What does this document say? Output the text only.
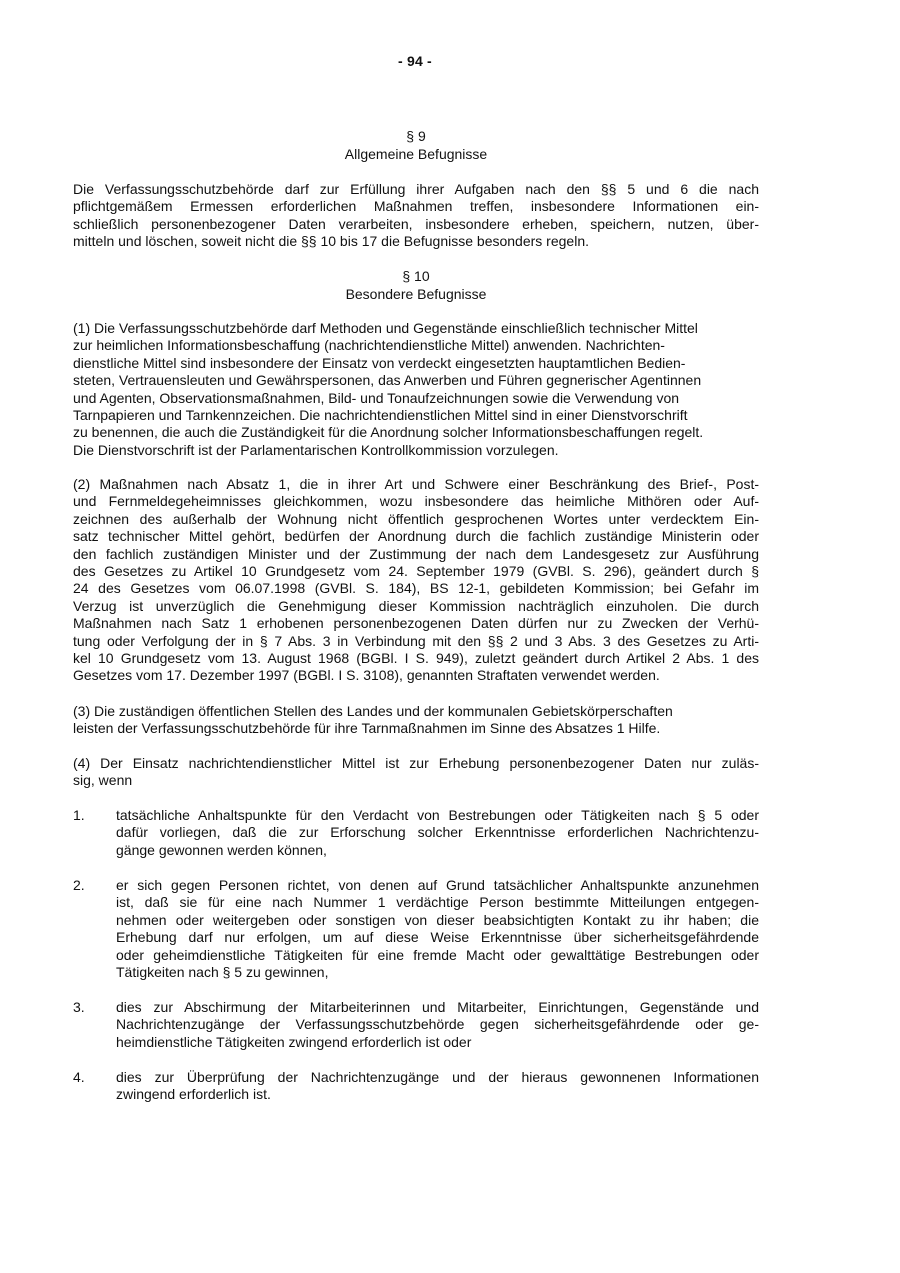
- 94 -
§ 9
Allgemeine Befugnisse
Die Verfassungsschutzbehörde darf zur Erfüllung ihrer Aufgaben nach den §§ 5 und 6 die nach
pflichtgemäßem Ermessen erforderlichen Maßnahmen treffen, insbesondere Informationen ein-
schließlich personenbezogener Daten verarbeiten, insbesondere erheben, speichern, nutzen, über-
mitteln und löschen, soweit nicht die §§ 10 bis 17 die Befugnisse besonders regeln.
§ 10
Besondere Befugnisse
(1) Die Verfassungsschutzbehörde darf Methoden und Gegenstände einschließlich technischer Mittel
zur heimlichen Informationsbeschaffung (nachrichtendienstliche Mittel) anwenden. Nachrichten-
dienstliche Mittel sind insbesondere der Einsatz von verdeckt eingesetzten hauptamtlichen Bedien-
steten, Vertrauensleuten und Gewährspersonen, das Anwerben und Führen gegnerischer Agentinnen
und Agenten, Observationsmaßnahmen, Bild- und Tonaufzeichnungen sowie die Verwendung von
Tarnpapieren und Tarnkennzeichen. Die nachrichtendienstlichen Mittel sind in einer Dienstvorschrift
zu benennen, die auch die Zuständigkeit für die Anordnung solcher Informationsbeschaffungen regelt.
Die Dienstvorschrift ist der Parlamentarischen Kontrollkommission vorzulegen.
(2) Maßnahmen nach Absatz 1, die in ihrer Art und Schwere einer Beschränkung des Brief-, Post-
und Fernmeldegeheimnisses gleichkommen, wozu insbesondere das heimliche Mithören oder Auf-
zeichnen des außerhalb der Wohnung nicht öffentlich gesprochenen Wortes unter verdecktem Ein-
satz technischer Mittel gehört, bedürfen der Anordnung durch die fachlich zuständige Ministerin oder
den fachlich zuständigen Minister und der Zustimmung der nach dem Landesgesetz zur Ausführung
des Gesetzes zu Artikel 10 Grundgesetz vom 24. September 1979 (GVBl. S. 296), geändert durch §
24 des Gesetzes vom 06.07.1998 (GVBl. S. 184), BS 12-1, gebildeten Kommission; bei Gefahr im
Verzug ist unverzüglich die Genehmigung dieser Kommission nachträglich einzuholen. Die durch
Maßnahmen nach Satz 1 erhobenen personenbezogenen Daten dürfen nur zu Zwecken der Verhü-
tung oder Verfolgung der in § 7 Abs. 3 in Verbindung mit den §§ 2 und 3 Abs. 3 des Gesetzes zu Arti-
kel 10 Grundgesetz vom 13. August 1968 (BGBl. I S. 949), zuletzt geändert durch Artikel 2 Abs. 1 des
Gesetzes vom 17. Dezember 1997 (BGBl. I S. 3108), genannten Straftaten verwendet werden.
(3) Die zuständigen öffentlichen Stellen des Landes und der kommunalen Gebietskörperschaften
leisten der Verfassungsschutzbehörde für ihre Tarnmaßnahmen im Sinne des Absatzes 1 Hilfe.
(4) Der Einsatz nachrichtendienstlicher Mittel ist zur Erhebung personenbezogener Daten nur zuläs-
sig, wenn
1. tatsächliche Anhaltspunkte für den Verdacht von Bestrebungen oder Tätigkeiten nach § 5 oder
dafür vorliegen, daß die zur Erforschung solcher Erkenntnisse erforderlichen Nachrichtenzu-
gänge gewonnen werden können,
2. er sich gegen Personen richtet, von denen auf Grund tatsächlicher Anhaltspunkte anzunehmen
ist, daß sie für eine nach Nummer 1 verdächtige Person bestimmte Mitteilungen entgegen-
nehmen oder weitergeben oder sonstigen von dieser beabsichtigten Kontakt zu ihr haben; die
Erhebung darf nur erfolgen, um auf diese Weise Erkenntnisse über sicherheitsgefährdende
oder geheimdienstliche Tätigkeiten für eine fremde Macht oder gewalttätige Bestrebungen oder
Tätigkeiten nach § 5 zu gewinnen,
3. dies zur Abschirmung der Mitarbeiterinnen und Mitarbeiter, Einrichtungen, Gegenstände und
Nachrichtenzugänge der Verfassungsschutzbehörde gegen sicherheitsgefährdende oder ge-
heimdienstliche Tätigkeiten zwingend erforderlich ist oder
4. dies zur Überprüfung der Nachrichtenzugänge und der hieraus gewonnenen Informationen
zwingend erforderlich ist.
